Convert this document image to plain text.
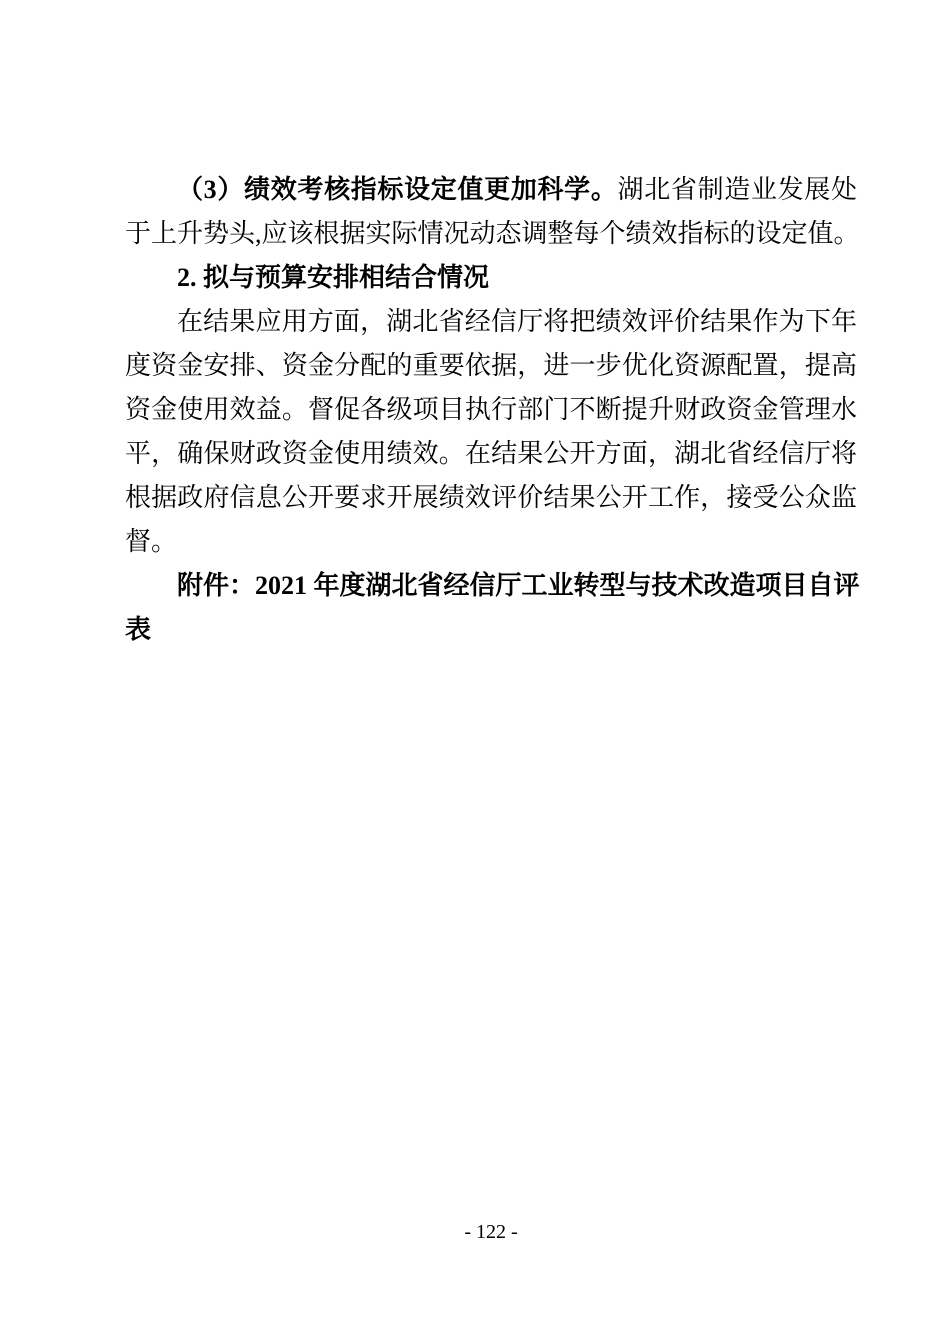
（3）绩效考核指标设定值更加科学。湖北省制造业发展处
于上升势头,应该根据实际情况动态调整每个绩效指标的设定值。
2. 拟与预算安排相结合情况
在结果应用方面，湖北省经信厅将把绩效评价结果作为下年
度资金安排、资金分配的重要依据，进一步优化资源配置，提高
资金使用效益。督促各级项目执行部门不断提升财政资金管理水
平，确保财政资金使用绩效。在结果公开方面，湖北省经信厅将
根据政府信息公开要求开展绩效评价结果公开工作，接受公众监
督。
附件：2021 年度湖北省经信厅工业转型与技术改造项目自评
表
- 122 -
